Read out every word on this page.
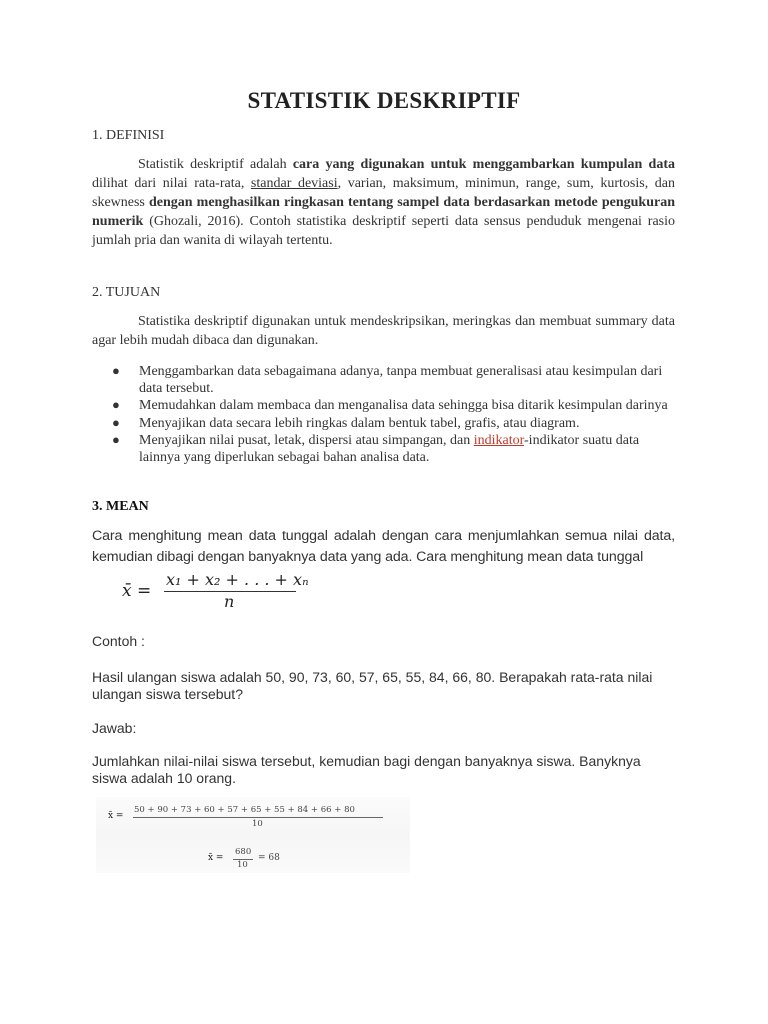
STATISTIK DESKRIPTIF
1. DEFINISI

Statistik deskriptif adalah cara yang digunakan untuk menggambarkan kumpulan data dilihat dari nilai rata-rata, standar deviasi, varian, maksimum, minimun, range, sum, kurtosis, dan skewness dengan menghasilkan ringkasan tentang sampel data berdasarkan metode pengukuran numerik (Ghozali, 2016). Contoh statistika deskriptif seperti data sensus penduduk mengenai rasio jumlah pria dan wanita di wilayah tertentu.

2. TUJUAN

Statistika deskriptif digunakan untuk mendeskripsikan, meringkas dan membuat summary data agar lebih mudah dibaca dan digunakan.

● Menggambarkan data sebagaimana adanya, tanpa membuat generalisasi atau kesimpulan dari data tersebut.
● Memudahkan dalam membaca dan menganalisa data sehingga bisa ditarik kesimpulan darinya
● Menyajikan data secara lebih ringkas dalam bentuk tabel, grafis, atau diagram.
● Menyajikan nilai pusat, letak, dispersi atau simpangan, dan indikator-indikator suatu data lainnya yang diperlukan sebagai bahan analisa data.
3. MEAN

Cara menghitung mean data tunggal adalah dengan cara menjumlahkan semua nilai data, kemudian dibagi dengan banyaknya data yang ada. Cara menghitung mean data tunggal

x̄ =
x₁ + x₂ + . . . + xₙ
n
Contoh :
Hasil ulangan siswa adalah 50, 90, 73, 60, 57, 65, 55, 84, 66, 80. Berapakah rata-rata nilai ulangan siswa tersebut?
Jawab:
Jumlahkan nilai-nilai siswa tersebut, kemudian bagi dengan banyaknya siswa. Banyknya siswa adalah 10 orang.
x̄ =
50 + 90 + 73 + 60 + 57 + 65 + 55 + 84 + 66 + 80
10
x̄ =
680
10
= 68
